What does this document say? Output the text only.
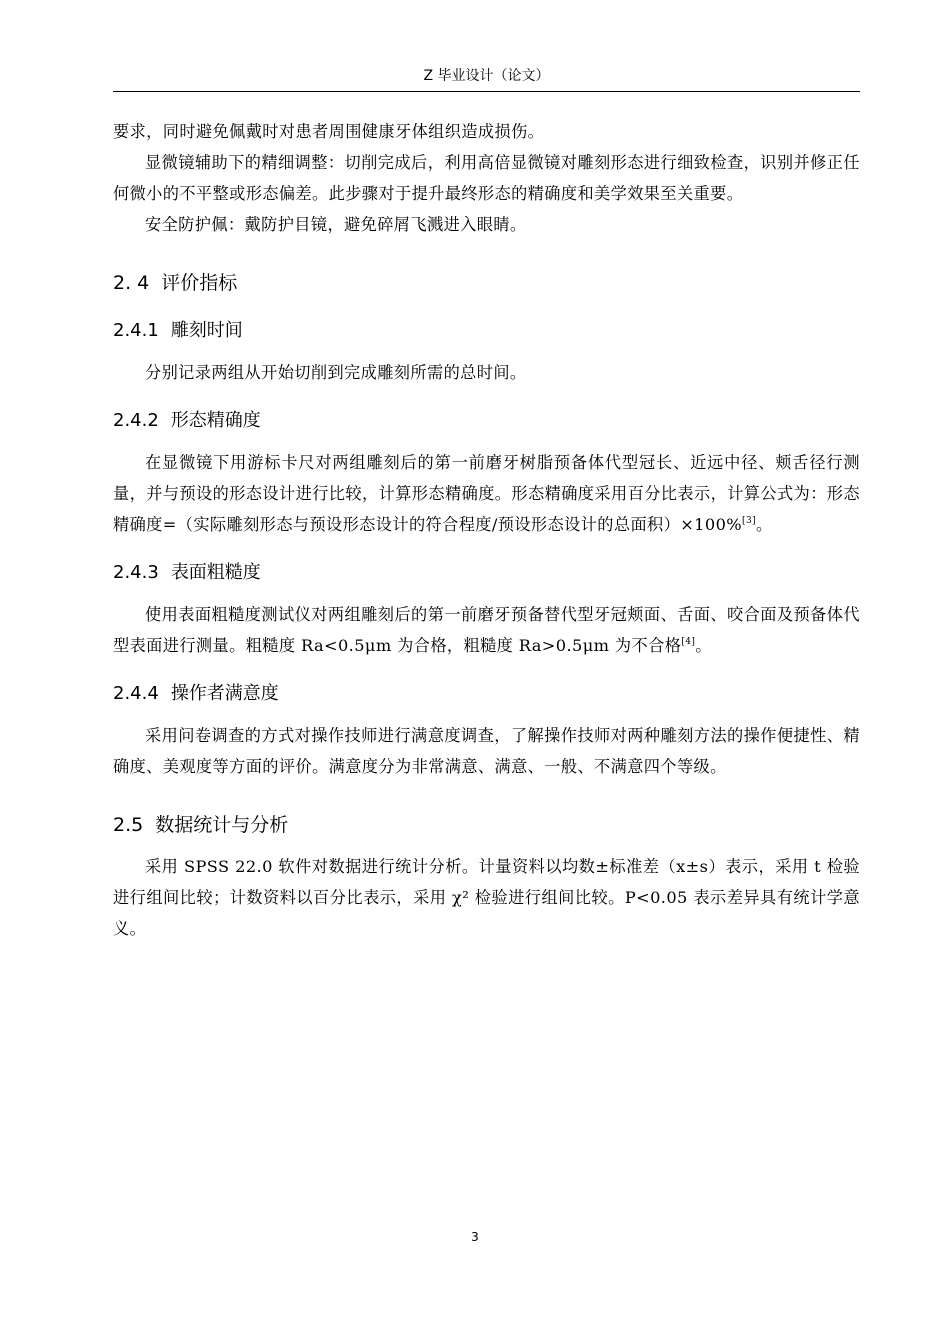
Z 毕业设计（论文）

要求，同时避免佩戴时对患者周围健康牙体组织造成损伤。

显微镜辅助下的精细调整：切削完成后，利用高倍显微镜对雕刻形态进行细致检查，识别并修正任何微小的不平整或形态偏差。此步骤对于提升最终形态的精确度和美学效果至关重要。

安全防护佩：戴防护目镜，避免碎屑飞溅进入眼睛。

2. 4 评价指标
2.4.1 雕刻时间

分别记录两组从开始切削到完成雕刻所需的总时间。

2.4.2 形态精确度

在显微镜下用游标卡尺对两组雕刻后的第一前磨牙树脂预备体代型冠长、近远中径、颊舌径行测量，并与预设的形态设计进行比较，计算形态精确度。形态精确度采用百分比表示，计算公式为：形态精确度=（实际雕刻形态与预设形态设计的符合程度/预设形态设计的总面积）×100%[3]。

2.4.3 表面粗糙度

使用表面粗糙度测试仪对两组雕刻后的第一前磨牙预备替代型牙冠颊面、舌面、咬合面及预备体代型表面进行测量。粗糙度 Ra<0.5μm 为合格，粗糙度 Ra>0.5μm 为不合格[4]。

2.4.4 操作者满意度

采用问卷调查的方式对操作技师进行满意度调查，了解操作技师对两种雕刻方法的操作便捷性、精确度、美观度等方面的评价。满意度分为非常满意、满意、一般、不满意四个等级。

2.5 数据统计与分析

采用 SPSS 22.0 软件对数据进行统计分析。计量资料以均数±标准差（x±s）表示，采用 t 检验进行组间比较；计数资料以百分比表示，采用 χ² 检验进行组间比较。P<0.05 表示差异具有统计学意义。

3
